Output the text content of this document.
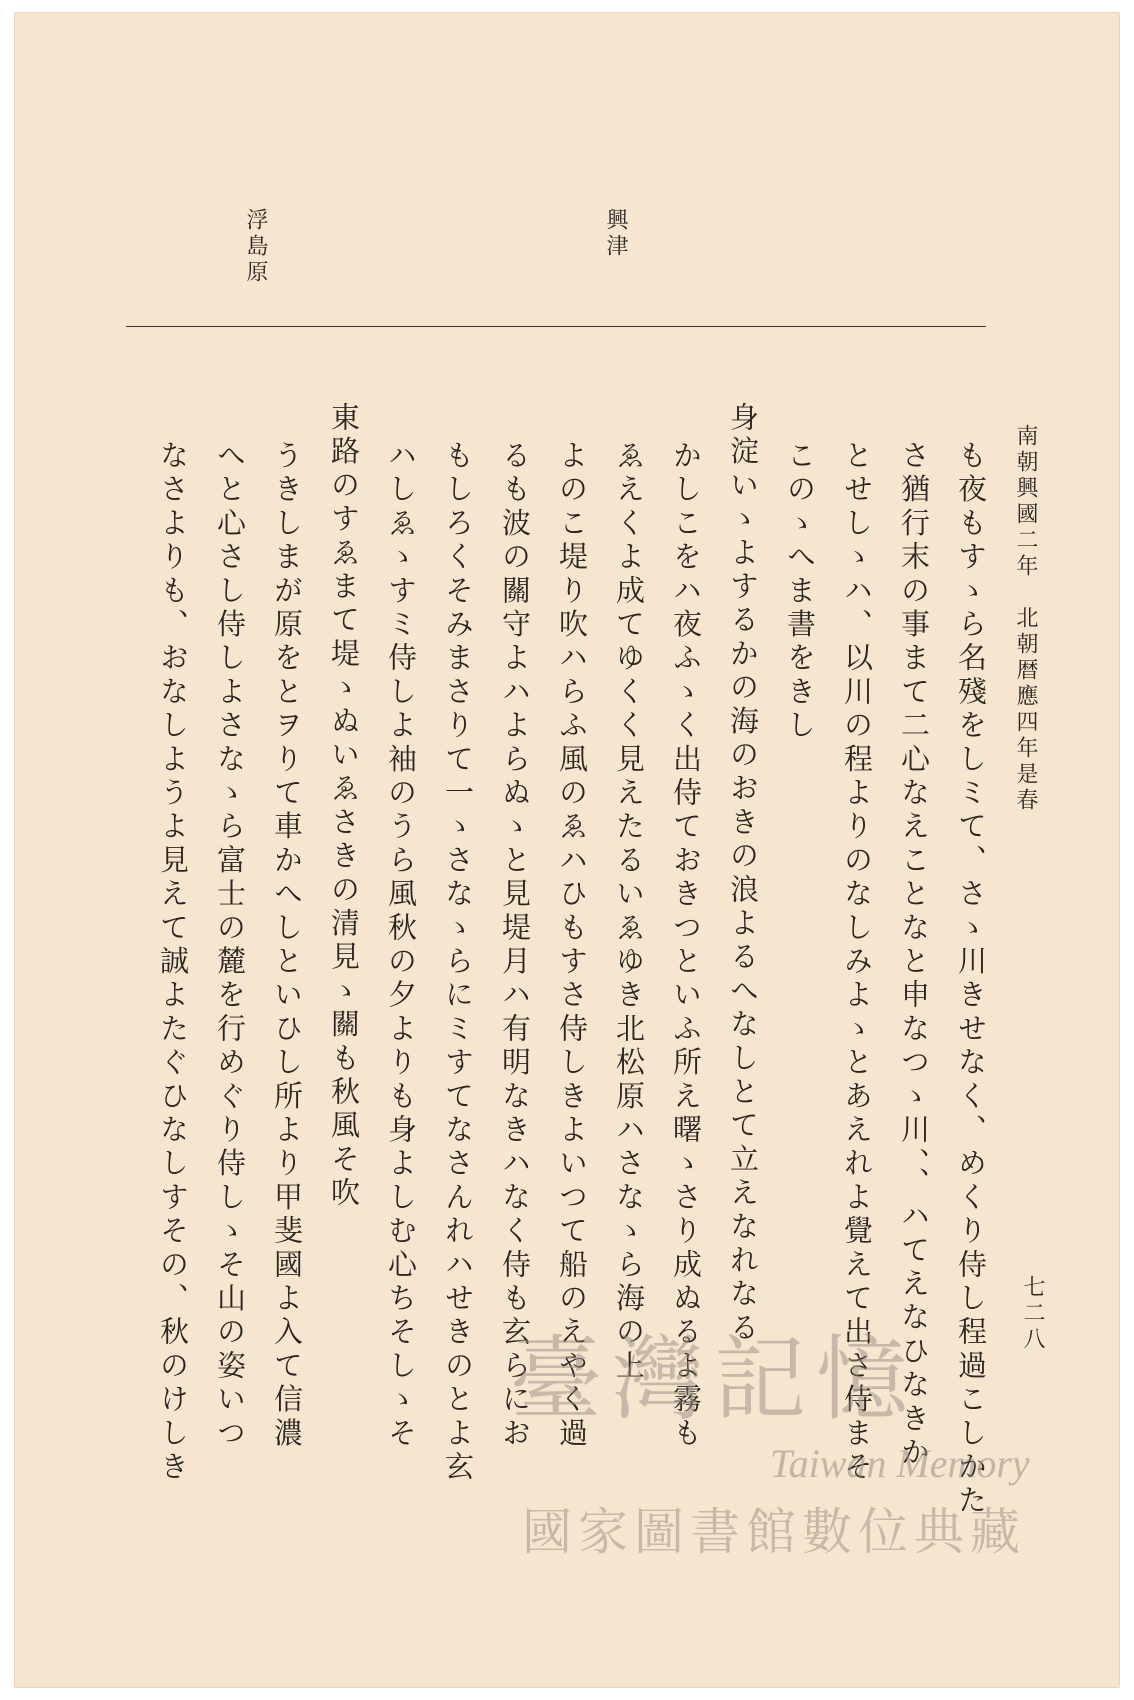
浮島原	興津
七二八
南朝興國二年　北朝暦應四年是春
も夜もすゝら名殘をしミて、さゝ川きせなく、めくり侍し程過こしかた
さ猶行末の事まて二心なえことなと申なつゝ川、、ハてえなひなきか
とせしゝハ、以川の程よりのなしみよゝとあえれよ覺えて出さ侍まそ
このゝへま書をきし
身淀いゝよするかの海のおきの浪よるへなしとて立えなれなる
かしこをハ夜ふゝく出侍ておきつといふ所え曙ゝさり成ぬるよ霧も
ゑえくよ成てゆくく見えたるいゑゆき北松原ハさなゝら海の上
よのこ堤り吹ハらふ風のゑハひもすさ侍しきよいつて船のえやく過
るも波の關守よハよらぬゝと見堤月ハ有明なきハなく侍も玄らにお
もしろくそみまさりて一ゝさなゝらにミすてなさんれハせきのとよ玄
ハしゑゝすミ侍しよ袖のうら風秋の夕よりも身よしむ心ちそしゝそ
東路のすゑまて堤ゝぬいゑさきの清見ゝ關も秋風そ吹
うきしまが原をとヲりて車かへしといひし所より甲斐國よ入て信濃
へと心さし侍しよさなゝら富士の麓を行めぐり侍しゝそ山の姿いつ
なさよりも、おなしようよ見えて誠よたぐひなしすその、秋のけしき	臺灣記憶
Taiwan Memory
國家圖書館數位典藏
